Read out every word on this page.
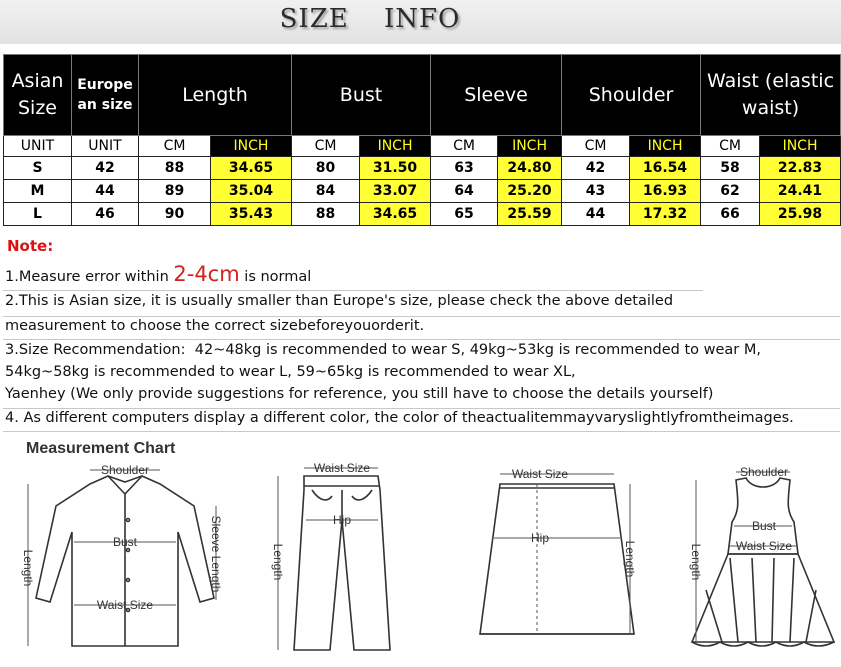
SIZE INFO
Asian Size	Europe an size	Length		Bust		Sleeve		Shoulder		Waist (elastic waist)	
UNIT	UNIT	CM	INCH	CM	INCH	CM	INCH	CM	INCH	CM	INCH
S	42	88	34.65	80	31.50	63	24.80	42	16.54	58	22.83
M	44	89	35.04	84	33.07	64	25.20	43	16.93	62	24.41
L	46	90	35.43	88	34.65	65	25.59	44	17.32	66	25.98
Note:
1.Measure error within 2-4cm is normal
2.This is Asian size, it is usually smaller than Europe's size, please check the above detailed
measurement to choose the correct sizebeforeyouorderit.
3.Size Recommendation:  42~48kg is recommended to wear S, 49kg~53kg is recommended to wear M,
54kg~58kg is recommended to wear L, 59~65kg is recommended to wear XL,
Yaenhey (We only provide suggestions for reference, you still have to choose the details yourself)
4. As different computers display a different color, the color of theactualitemmayvaryslightlyfromtheimages.
Measurement Chart
Shoulder
Bust
Waist Size
Length	Sleeve Length
Waist Size
Hip
Length
Waist Size
Hip
Length
Shoulder
Bust
Waist Size
Length
